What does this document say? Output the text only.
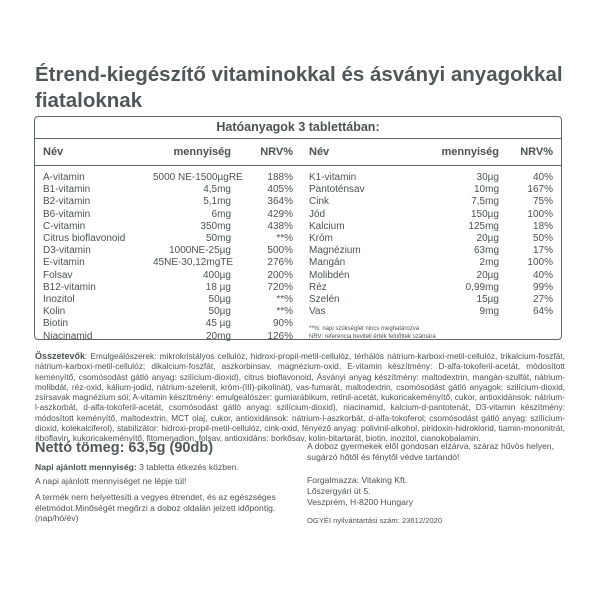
Étrend-kiegészítő vitaminokkal és ásványi anyagokkal fiataloknak
Hatóanyagok 3 tablettában:
Név	mennyiség	NRV% Név	mennyiség	NRV%
A-vitamin	5000 NE-1500µgRE	188%
B1-vitamin	4,5mg	405%
B2-vitamin	5,1mg	364%
B6-vitamin	6mg	429%
C-vitamin	350mg	438%
Citrus bioflavonoid	50mg	**%
D3-vitamin	1000NE-25µg	500%
E-vitamin	45NE-30,12mgTE	276%
Folsav	400µg	200%
B12-vitamin	18 µg	720%
Inozitol	50µg	**%
Kolin	50µg	**%
Biotin	45 µg	90%
Niacinamid	20mg	126%
K1-vitamin	30µg	40%
Pantoténsav	10mg	167%
Cink	7,5mg	75%
Jód	150µg	100%
Kalcium	125mg	18%
Króm	20µg	50%
Magnézium	63mg	17%
Mangán	2mg	100%
Molibdén	20µg	40%
Réz	0,99mg	99%
Szelén	15µg	27%
Vas	9mg	64%
**%: napi szükséglet nincs meghatározva
NRV: referencia beviteli érték felnőttek számára
Összetevők: Emulgeálószerek: mikrokristályos cellulóz, hidroxi-propil-metil-cellulóz, térhálós nátrium-karboxi-metil-cellulóz, trikalcium-foszfát, nátrium-karboxi-metil-cellulóz; dikalcium-foszfát, aszkorbinsav, magnézium-oxid, E-vitamin készítmény: D-alfa-tokoferil-acetát, módosított keményítő, csomósodást gátló anyag: szilícium-dioxid), citrus bioflavonoid, Ásványi anyag készítmény: maltodextrin, mangán-szulfát, nátrium-molibdát, réz-oxid, kálium-jodid, nátrium-szelenit, króm-(III)-pikolinát), vas-fumarát, maltodextrin, csomósodást gátló anyagok: szilícium-dioxid, zsírsavak magnézium sói; A-vitamin készítmény: emulgeálószer: gumiarábikum, retinil-acetát, kukoricakeményítő, cukor, antioxidánsok: nátrium-l-aszkorbát, d-alfa-tokoferil-acetát, csomósodást gátló anyag: szilícium-dioxid), niacinamid, kalcium-d-pantotenát, D3-vitamin készítmény: módosított keményítő, maltodextrin, MCT olaj, cukor, antioxidánsok: nátrium-l-aszkorbát, d-alfa-tokoferol; csomósodást gátló anyag: szilícium-dioxid, kolekalciferol), stabilizátor: hidroxi-propil-metil-cellulóz, cink-oxid, fényező anyag: polivinil-alkohol, piridoxin-hidroklorid, tiamin-mononitrát, riboflavin, kukoricakeményítő, fitomenadion, folsav, antioxidáns: borkősav, kolin-bitartarát, biotin, inozitol, cianokobalamin.
Nettó tömeg: 63,5g (90db)
Napi ajánlott mennyiség: 3 tabletta étkezés közben.
A napi ajánlott mennyiséget ne lépje túl!
A termék nem helyettesíti a vegyes étrendet, és az egészséges életmódot.Minőségét megőrzi a doboz oldalán jelzett időpontig.(nap/hó/év)
A doboz gyermekek elől gondosan elzárva, száraz hűvös helyen, sugárzó hőtől és fénytől védve tartandó!
Forgalmazza: Vitaking Kft.
Lőszergyári út 5.
Veszprém, H-8200 Hungary
OGYÉI nyilvántartási szám: 23612/2020
